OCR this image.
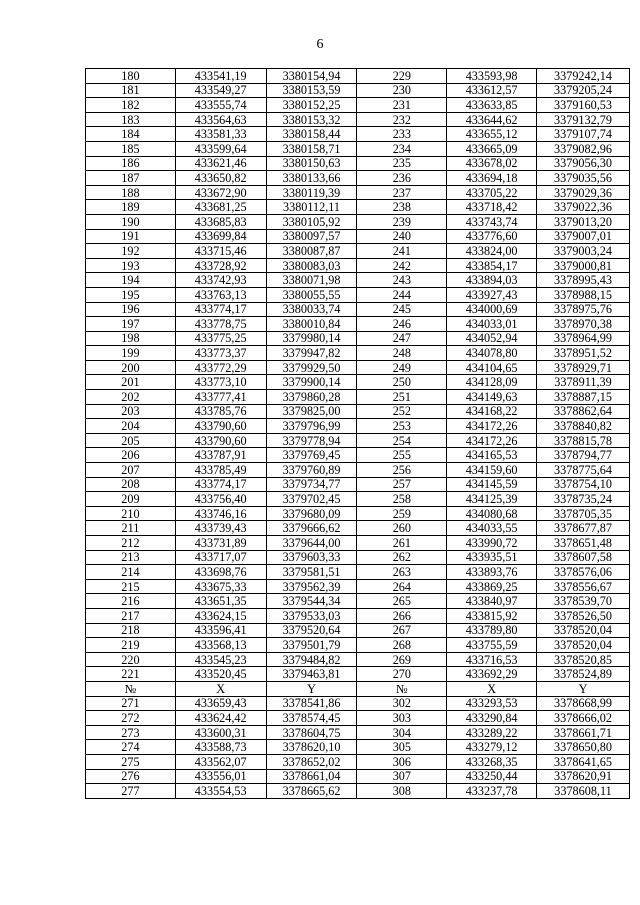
6
180	433541,19	3380154,94	229	433593,98	3379242,14
181	433549,27	3380153,59	230	433612,57	3379205,24
182	433555,74	3380152,25	231	433633,85	3379160,53
183	433564,63	3380153,32	232	433644,62	3379132,79
184	433581,33	3380158,44	233	433655,12	3379107,74
185	433599,64	3380158,71	234	433665,09	3379082,96
186	433621,46	3380150,63	235	433678,02	3379056,30
187	433650,82	3380133,66	236	433694,18	3379035,56
188	433672,90	3380119,39	237	433705,22	3379029,36
189	433681,25	3380112,11	238	433718,42	3379022,36
190	433685,83	3380105,92	239	433743,74	3379013,20
191	433699,84	3380097,57	240	433776,60	3379007,01
192	433715,46	3380087,87	241	433824,00	3379003,24
193	433728,92	3380083,03	242	433854,17	3379000,81
194	433742,93	3380071,98	243	433894,03	3378995,43
195	433763,13	3380055,55	244	433927,43	3378988,15
196	433774,17	3380033,74	245	434000,69	3378975,76
197	433778,75	3380010,84	246	434033,01	3378970,38
198	433775,25	3379980,14	247	434052,94	3378964,99
199	433773,37	3379947,82	248	434078,80	3378951,52
200	433772,29	3379929,50	249	434104,65	3378929,71
201	433773,10	3379900,14	250	434128,09	3378911,39
202	433777,41	3379860,28	251	434149,63	3378887,15
203	433785,76	3379825,00	252	434168,22	3378862,64
204	433790,60	3379796,99	253	434172,26	3378840,82
205	433790,60	3379778,94	254	434172,26	3378815,78
206	433787,91	3379769,45	255	434165,53	3378794,77
207	433785,49	3379760,89	256	434159,60	3378775,64
208	433774,17	3379734,77	257	434145,59	3378754,10
209	433756,40	3379702,45	258	434125,39	3378735,24
210	433746,16	3379680,09	259	434080,68	3378705,35
211	433739,43	3379666,62	260	434033,55	3378677,87
212	433731,89	3379644,00	261	433990,72	3378651,48
213	433717,07	3379603,33	262	433935,51	3378607,58
214	433698,76	3379581,51	263	433893,76	3378576,06
215	433675,33	3379562,39	264	433869,25	3378556,67
216	433651,35	3379544,34	265	433840,97	3378539,70
217	433624,15	3379533,03	266	433815,92	3378526,50
218	433596,41	3379520,64	267	433789,80	3378520,04
219	433568,13	3379501,79	268	433755,59	3378520,04
220	433545,23	3379484,82	269	433716,53	3378520,85
221	433520,45	3379463,81	270	433692,29	3378524,89
№	X	Y	№	X	Y
271	433659,43	3378541,86	302	433293,53	3378668,99
272	433624,42	3378574,45	303	433290,84	3378666,02
273	433600,31	3378604,75	304	433289,22	3378661,71
274	433588,73	3378620,10	305	433279,12	3378650,80
275	433562,07	3378652,02	306	433268,35	3378641,65
276	433556,01	3378661,04	307	433250,44	3378620,91
277	433554,53	3378665,62	308	433237,78	3378608,11
